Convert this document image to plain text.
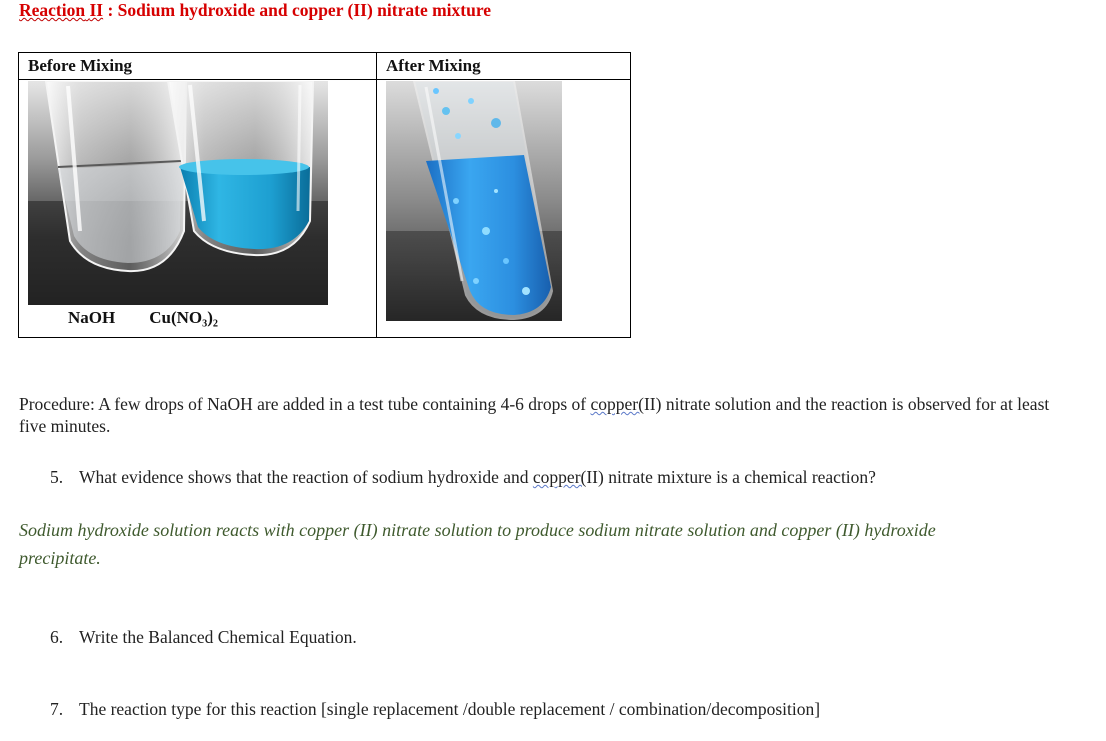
Reaction II : Sodium hydroxide and copper (II) nitrate mixture
Before Mixing	After Mixing

NaOH Cu(NO₃)₂

Procedure: A few drops of NaOH are added in a test tube containing 4-6 drops of copper(II) nitrate solution and the reaction is observed for at least five minutes.
5. What evidence shows that the reaction of sodium hydroxide and copper(II) nitrate mixture is a chemical reaction?
Sodium hydroxide solution reacts with copper (II) nitrate solution to produce sodium nitrate solution and copper (II) hydroxide precipitate.
6. Write the Balanced Chemical Equation.
7. The reaction type for this reaction [single replacement /double replacement / combination/decomposition]
